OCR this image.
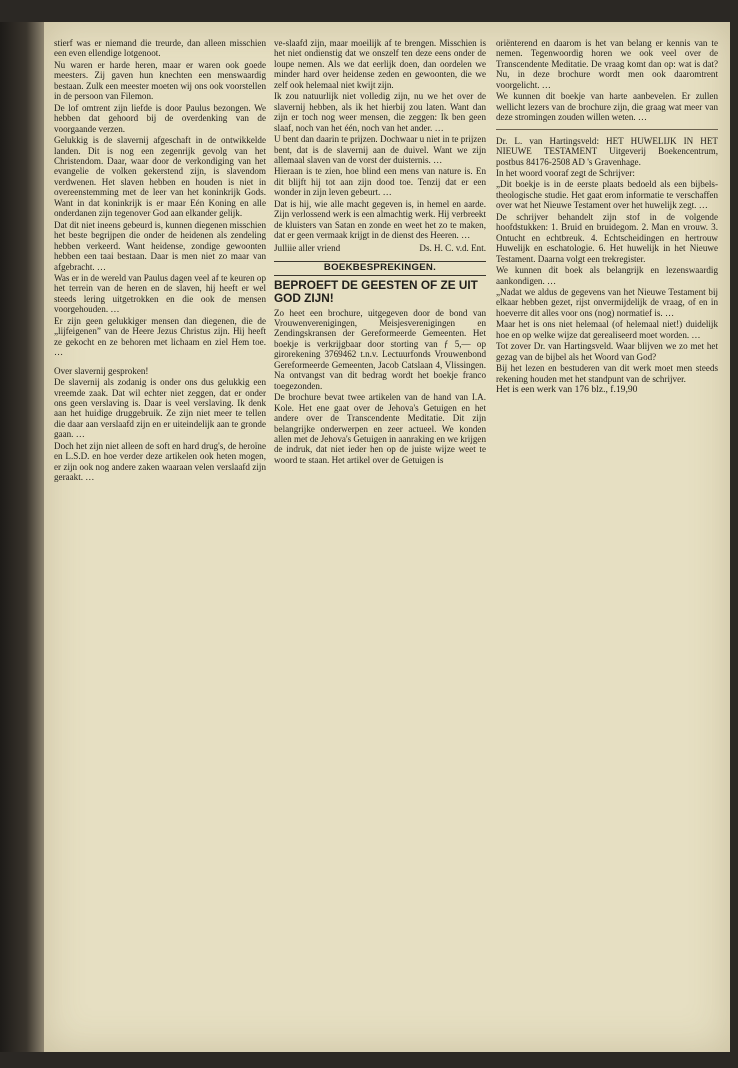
stierf was er niemand die treurde, dan alleen misschien een even ellendige lotgenoot.

Nu waren er harde heren, maar er waren ook goede meesters. Zij gaven hun knechten een menswaardig bestaan. Zulk een meester moeten wij ons ook voorstellen in de persoon van Filemon.

De lof omtrent zijn liefde is door Paulus bezongen. We hebben dat gehoord bij de overdenking van de voorgaande verzen.

Gelukkig is de slavernij afgeschaft in de ontwikkelde landen. Dit is nog een zegenrijk gevolg van het Christendom. Daar, waar door de verkondiging van het evangelie de volken gekerstend zijn, is slavendom verdwenen. Het slaven hebben en houden is niet in overeenstemming met de leer van het koninkrijk Gods. Want in dat koninkrijk is er maar Eén Koning en alle onderdanen zijn tegenover God aan elkander gelijk.

Dat dit niet ineens gebeurd is, kunnen diegenen misschien het beste begrijpen die onder de heidenen als zendeling hebben verkeerd. Want heidense, zondige gewoonten hebben een taai bestaan. Daar is men niet zo maar van afgebracht. …

Was er in de wereld van Paulus dagen veel af te keuren op het terrein van de heren en de slaven, hij heeft er wel steeds lering uitgetrokken en die ook de mensen voorgehouden. …

Er zijn geen gelukkiger mensen dan diegenen, die de „lijfeigenen” van de Heere Jezus Christus zijn. Hij heeft ze gekocht en ze behoren met lichaam en ziel Hem toe. …

Over slavernij gesproken!

De slavernij als zodanig is onder ons dus gelukkig een vreemde zaak. Dat wil echter niet zeggen, dat er onder ons geen verslaving is. Daar is veel verslaving. Ik denk aan het huidige druggebruik. Ze zijn niet meer te tellen die daar aan verslaafd zijn en er uiteindelijk aan te gronde gaan. …

Doch het zijn niet alleen de soft en hard drug's, de heroïne en L.S.D. en hoe verder deze artikelen ook heten mogen, er zijn ook nog andere zaken waaraan velen verslaafd zijn geraakt. …

ve-slaafd zijn, maar moeilijk af te brengen. Misschien is het niet ondienstig dat we onszelf ten deze eens onder de loupe nemen. Als we dat eerlijk doen, dan oordelen we minder hard over heidense zeden en gewoonten, die we zelf ook helemaal niet kwijt zijn.

Ik zou natuurlijk niet volledig zijn, nu we het over de slavernij hebben, als ik het hierbij zou laten. Want dan zijn er toch nog weer mensen, die zeggen: Ik ben geen slaaf, noch van het één, noch van het ander. …

U bent dan daarin te prijzen. Dochwaar u niet in te prijzen bent, dat is de slavernij aan de duivel. Want we zijn allemaal slaven van de vorst der duisternis. …

Hieraan is te zien, hoe blind een mens van nature is. En dit blijft hij tot aan zijn dood toe. Tenzij dat er een wonder in zijn leven gebeurt. …

Dat is hij, wie alle macht gegeven is, in hemel en aarde. Zijn verlossend werk is een almachtig werk. Hij verbreekt de kluisters van Satan en zonde en weet het zo te maken, dat er geen vermaak krijgt in de dienst des Heeren. …

Julliie aller vriend	Ds. H. C. v.d. Ent.
BOEKBESPREKINGEN.
BEPROEFT DE GEESTEN OF ZE UIT GOD ZIJN!

Zo heet een brochure, uitgegeven door de bond van Vrouwenverenigingen, Meisjesverenigingen en Zendingskransen der Gereformeerde Gemeenten. Het boekje is verkrijgbaar door storting van ƒ 5,— op girorekening 3769462 t.n.v. Lectuurfonds Vrouwenbond Gereformeerde Gemeenten, Jacob Catslaan 4, Vlissingen. Na ontvangst van dit bedrag wordt het boekje franco toegezonden.

De brochure bevat twee artikelen van de hand van I.A. Kole. Het ene gaat over de Jehova's Getuigen en het andere over de Transcendente Meditatie. Dit zijn belangrijke onderwerpen en zeer actueel. We konden allen met de Jehova's Getuigen in aanraking en we krijgen de indruk, dat niet ieder hen op de juiste wijze weet te woord te staan. Het artikel over de Getuigen is

oriënterend en daarom is het van belang er kennis van te nemen. Tegenwoordig horen we ook veel over de Transcendente Meditatie. De vraag komt dan op: wat is dat? Nu, in deze brochure wordt men ook daaromtrent voorgelicht. …

We kunnen dit boekje van harte aanbevelen. Er zullen wellicht lezers van de brochure zijn, die graag wat meer van deze stromingen zouden willen weten. …

Dr. L. van Hartingsveld: HET HUWELIJK IN HET NIEUWE TESTAMENT Uitgeverij Boekencentrum, postbus 84176-2508 AD 's Gravenhage.

In het woord vooraf zegt de Schrijver:

„Dit boekje is in de eerste plaats bedoeld als een bijbels-theologische studie. Het gaat erom informatie te verschaffen over wat het Nieuwe Testament over het huwelijk zegt. …

De schrijver behandelt zijn stof in de volgende hoofdstukken: 1. Bruid en bruidegom. 2. Man en vrouw. 3. Ontucht en echtbreuk. 4. Echtscheidingen en hertrouw Huwelijk en eschatologie. 6. Het huwelijk in het Nieuwe Testament. Daarna volgt een trekregister.

We kunnen dit boek als belangrijk en lezenswaardig aankondigen. …

„Nadat we aldus de gegevens van het Nieuwe Testament bij elkaar hebben gezet, rijst onvermijdelijk de vraag, of en in hoeverre dit alles voor ons (nog) normatief is. …

Maar het is ons niet helemaal (of helemaal niet!) duidelijk hoe en op welke wijze dat gerealiseerd moet worden. …

Tot zover Dr. van Hartingsveld. Waar blijven we zo met het gezag van de bijbel als het Woord van God?

Bij het lezen en bestuderen van dit werk moet men steeds rekening houden met het standpunt van de schrijver.

Het is een werk van 176 blz., f.19,90
